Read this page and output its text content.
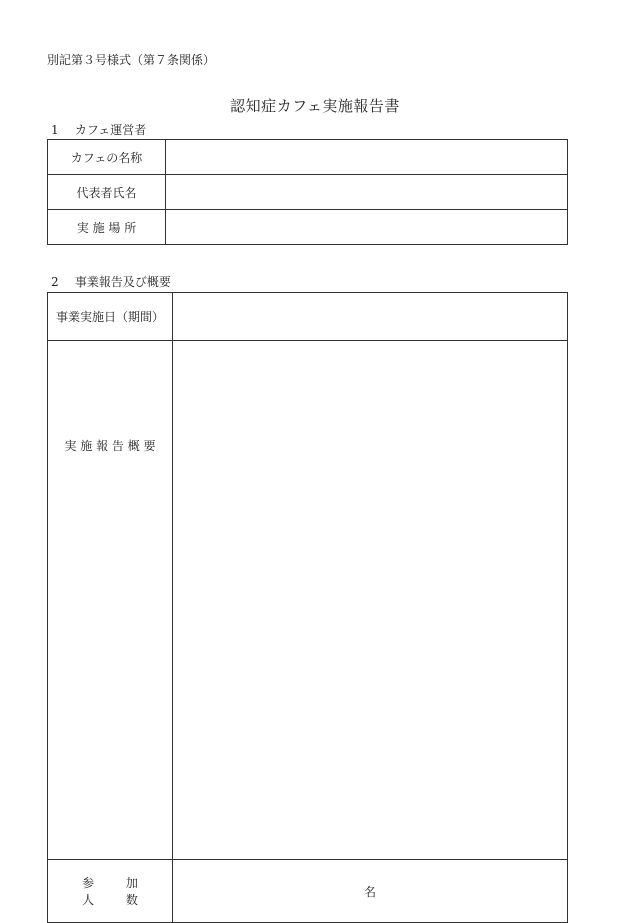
別記第３号様式（第７条関係）
認知症カフェ実施報告書
1 カフェ運営者
カフェの名称	
代表者氏名	
実 施 場 所	
2 事業報告及び概要
事業実施日（期間）	
実 施 報 告 概 要	
参 加 人 数	名
